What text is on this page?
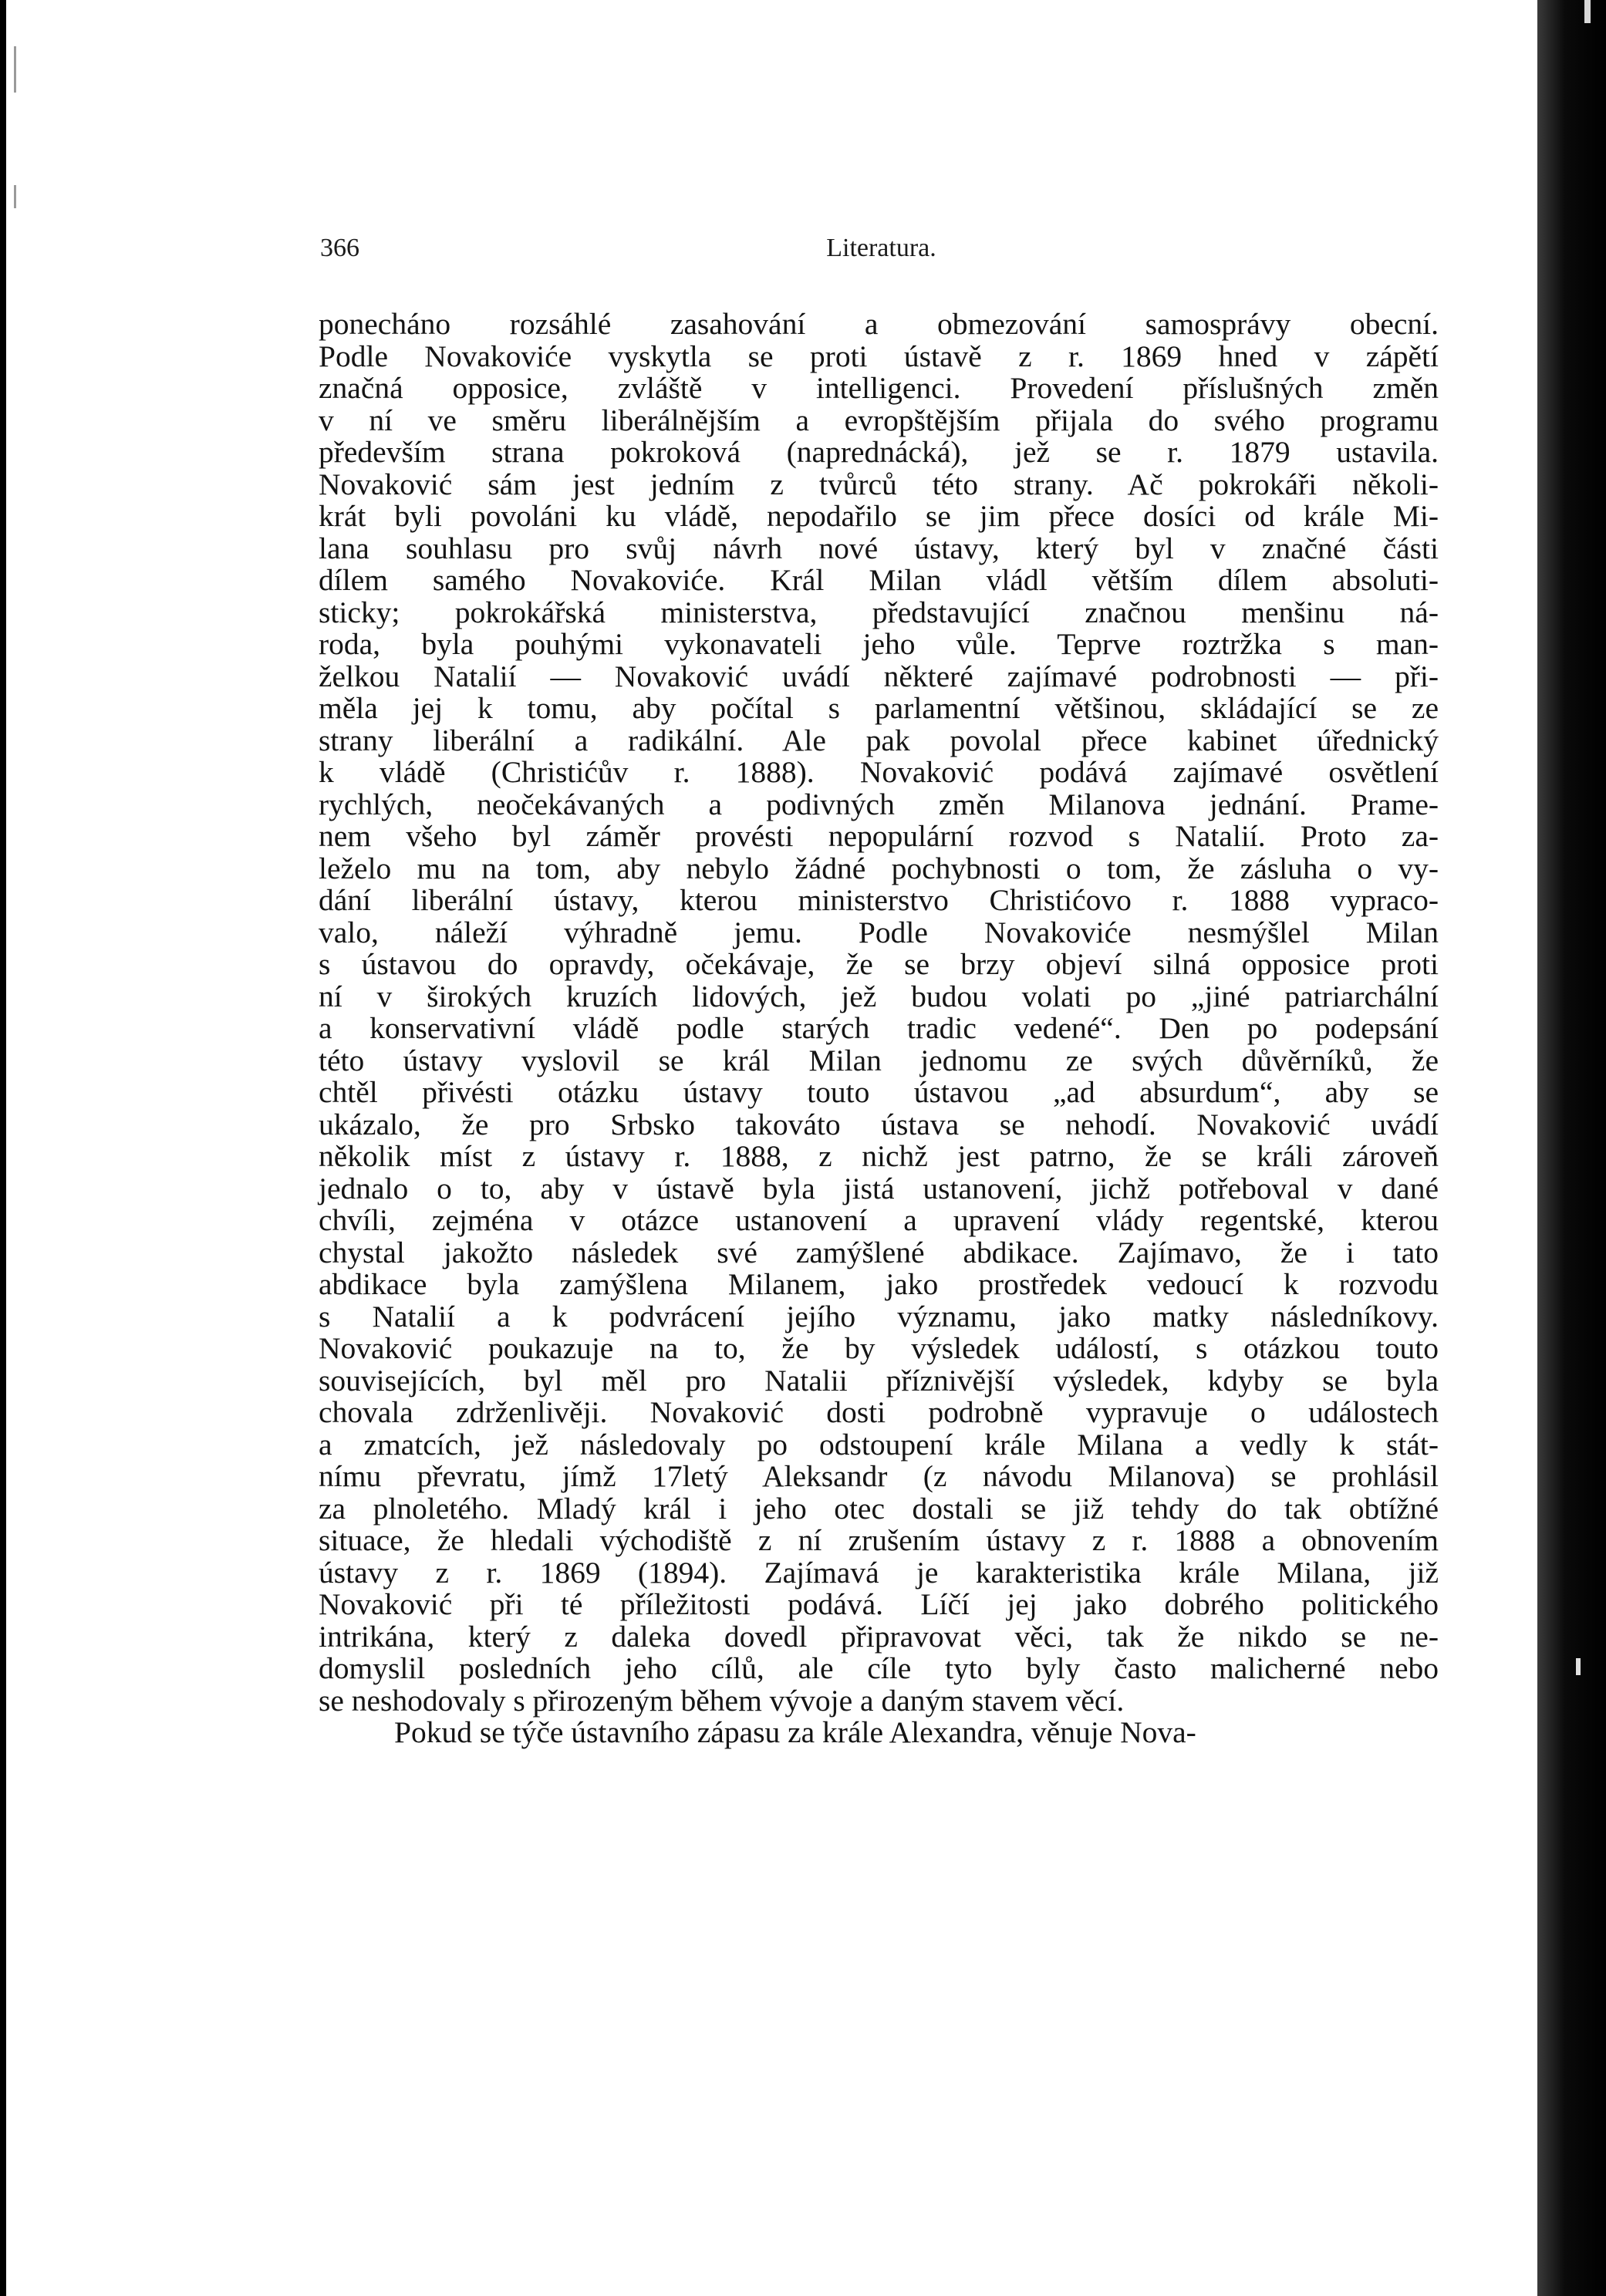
366	Literatura.
ponecháno rozsáhlé zasahování a obmezování samosprávy obecní.
Podle Novakoviće vyskytla se proti ústavě z r. 1869 hned v zápětí
značná opposice, zvláště v intelligenci. Provedení příslušných změn
v ní ve směru liberálnějším a evropštějším přijala do svého programu
především strana pokroková (naprednácká), jež se r. 1879 ustavila.
Novaković sám jest jedním z tvůrců této strany. Ač pokrokáři několi-
krát byli povoláni ku vládě, nepodařilo se jim přece dosíci od krále Mi-
lana souhlasu pro svůj návrh nové ústavy, který byl v značné části
dílem samého Novakoviće. Král Milan vládl větším dílem absoluti-
sticky; pokrokářská ministerstva, představující značnou menšinu ná-
roda, byla pouhými vykonavateli jeho vůle. Teprve roztržka s man-
želkou Natalií — Novaković uvádí některé zajímavé podrobnosti — při-
měla jej k tomu, aby počítal s parlamentní většinou, skládající se ze
strany liberální a radikální. Ale pak povolal přece kabinet úřednický
k vládě (Christićův r. 1888). Novaković podává zajímavé osvětlení
rychlých, neočekávaných a podivných změn Milanova jednání. Prame-
nem všeho byl záměr provésti nepopulární rozvod s Natalií. Proto za-
leželo mu na tom, aby nebylo žádné pochybnosti o tom, že zásluha o vy-
dání liberální ústavy, kterou ministerstvo Christićovo r. 1888 vypraco-
valo, náleží výhradně jemu. Podle Novakoviće nesmýšlel Milan
s ústavou do opravdy, očekávaje, že se brzy objeví silná opposice proti
ní v širokých kruzích lidových, jež budou volati po „jiné patriarchální
a konservativní vládě podle starých tradic vedené“. Den po podepsání
této ústavy vyslovil se král Milan jednomu ze svých důvěrníků, že
chtěl přivésti otázku ústavy touto ústavou „ad absurdum“, aby se
ukázalo, že pro Srbsko takováto ústava se nehodí. Novaković uvádí
několik míst z ústavy r. 1888, z nichž jest patrno, že se králi zároveň
jednalo o to, aby v ústavě byla jistá ustanovení, jichž potřeboval v dané
chvíli, zejména v otázce ustanovení a upravení vlády regentské, kterou
chystal jakožto následek své zamýšlené abdikace. Zajímavo, že i tato
abdikace byla zamýšlena Milanem, jako prostředek vedoucí k rozvodu
s Natalií a k podvrácení jejího významu, jako matky následníkovy.
Novaković poukazuje na to, že by výsledek událostí, s otázkou touto
souvisejících, byl měl pro Natalii příznivější výsledek, kdyby se byla
chovala zdrženlivěji. Novaković dosti podrobně vypravuje o událostech
a zmatcích, jež následovaly po odstoupení krále Milana a vedly k stát-
nímu převratu, jímž 17letý Aleksandr (z návodu Milanova) se prohlásil
za plnoletého. Mladý král i jeho otec dostali se již tehdy do tak obtížné
situace, že hledali východiště z ní zrušením ústavy z r. 1888 a obnovením
ústavy z r. 1869 (1894). Zajímavá je karakteristika krále Milana, již
Novaković při té příležitosti podává. Líčí jej jako dobrého politického
intrikána, který z daleka dovedl připravovat věci, tak že nikdo se ne-
domyslil posledních jeho cílů, ale cíle tyto byly často malicherné nebo
se neshodovaly s přirozeným během vývoje a daným stavem věcí.
Pokud se týče ústavního zápasu za krále Alexandra, věnuje Nova-
